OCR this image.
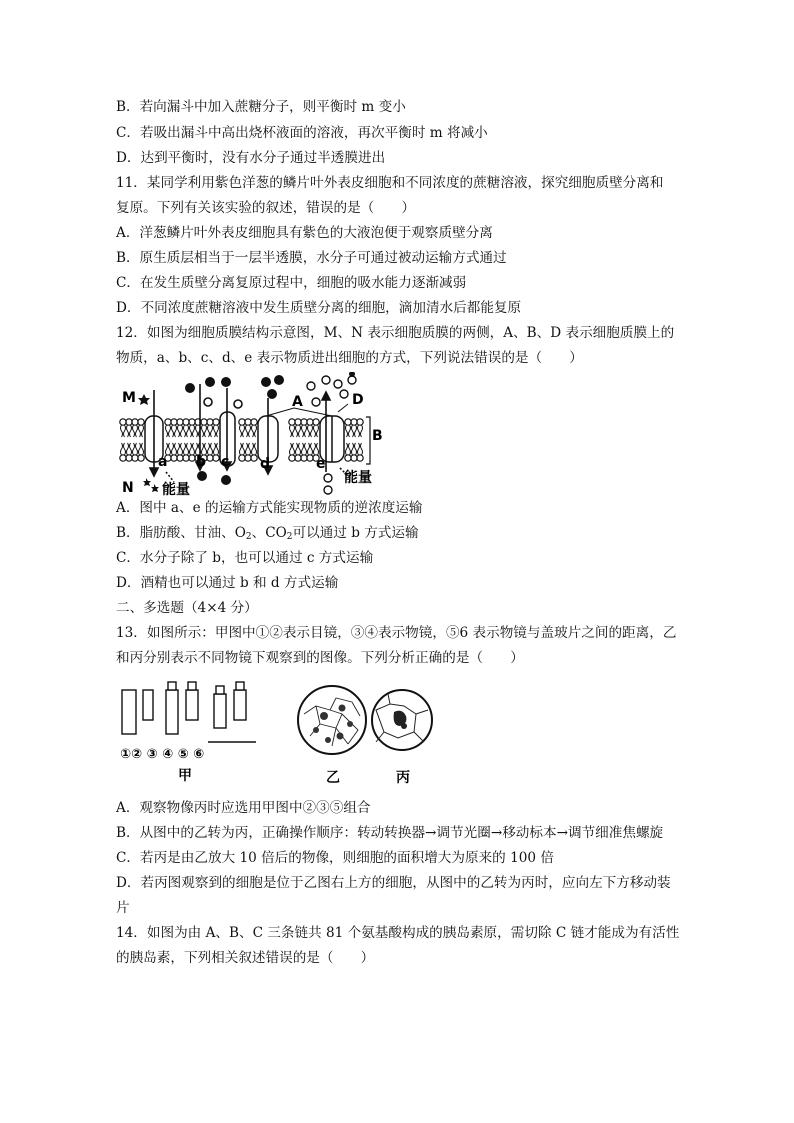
B．若向漏斗中加入蔗糖分子，则平衡时 m 变小
C．若吸出漏斗中高出烧杯液面的溶液，再次平衡时 m 将减小
D．达到平衡时，没有水分子通过半透膜进出
11．某同学利用紫色洋葱的鳞片叶外表皮细胞和不同浓度的蔗糖溶液，探究细胞质壁分离和
复原。下列有关该实验的叙述，错误的是（　　）
A．洋葱鳞片叶外表皮细胞具有紫色的大液泡便于观察质壁分离
B．原生质层相当于一层半透膜，水分子可通过被动运输方式通过
C．在发生质壁分离复原过程中，细胞的吸水能力逐渐减弱
D．不同浓度蔗糖溶液中发生质壁分离的细胞，滴加清水后都能复原
12．如图为细胞质膜结构示意图，M、N 表示细胞质膜的两侧，A、B、D 表示细胞质膜上的
物质，a、b、c、d、e 表示物质进出细胞的方式，下列说法错误的是（　　）
M
N
A
B
D
a b c d	e
能量
能量
A．图中 a、e 的运输方式能实现物质的逆浓度运输
B．脂肪酸、甘油、$O_2$、$CO_2$可以通过 b 方式运输
C．水分子除了 b，也可以通过 c 方式运输
D．酒精也可以通过 b 和 d 方式运输
二、多选题（4×4 分）
13．如图所示：甲图中①②表示目镜，③④表示物镜，⑤6 表示物镜与盖玻片之间的距离，乙
和丙分别表示不同物镜下观察到的图像。下列分析正确的是（　　）
①② ③ ④ ⑤ ⑥
甲	乙	丙
A．观察物像丙时应选用甲图中②③⑤组合
B．从图中的乙转为丙，正确操作顺序：转动转换器→调节光圈→移动标本→调节细准焦螺旋
C．若丙是由乙放大 10 倍后的物像，则细胞的面积增大为原来的 100 倍
D．若丙图观察到的细胞是位于乙图右上方的细胞，从图中的乙转为丙时，应向左下方移动装
片
14．如图为由 A、B、C 三条链共 81 个氨基酸构成的胰岛素原，需切除 C 链才能成为有活性
的胰岛素，下列相关叙述错误的是（　　）
